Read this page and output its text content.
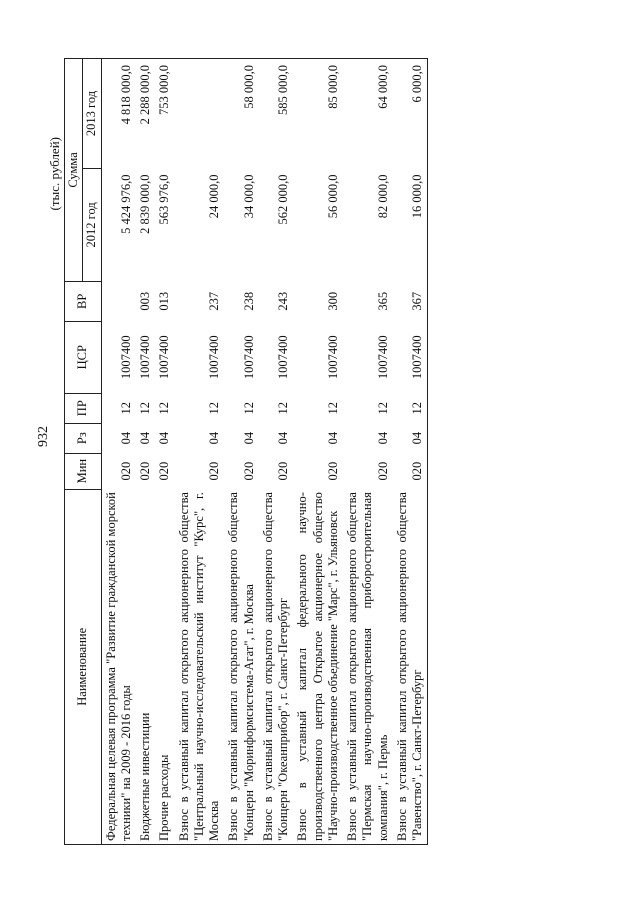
932
(тыс. рублей)
Наименование	Мин	Рз	ПР	ЦСР	ВР	Сумма	
						2012 год	2013 год
Федеральная целевая программа "Развитие гражданской морской техники" на 2009 - 2016 годы	020	04	12	1007400		5 424 976,0	4 818 000,0
Бюджетные инвестиции	020	04	12	1007400	003	2 839 000,0	2 288 000,0
Прочие расходы	020	04	12	1007400	013	563 976,0	753 000,0
Взнос в уставный капитал открытого акционерного общества "Центральный научно-исследовательский институт "Курс", г. Москва	020	04	12	1007400	237	24 000,0	
Взнос в уставный капитал открытого акционерного общества "Концерн "Моринформсистема-Агат", г. Москва	020	04	12	1007400	238	34 000,0	58 000,0
Взнос в уставный капитал открытого акционерного общества "Концерн "Океанприбор", г. Санкт-Петербург	020	04	12	1007400	243	562 000,0	585 000,0
Взнос в уставный капитал федерального научно-производственного центра Открытое акционерное общество "Научно-производственное объединение "Марс", г. Ульяновск	020	04	12	1007400	300	56 000,0	85 000,0
Взнос в уставный капитал открытого акционерного общества "Пермская научно-производственная приборостроительная компания", г. Пермь	020	04	12	1007400	365	82 000,0	64 000,0
Взнос в уставный капитал открытого акционерного общества "Равенство", г. Санкт-Петербург	020	04	12	1007400	367	16 000,0	6 000,0
